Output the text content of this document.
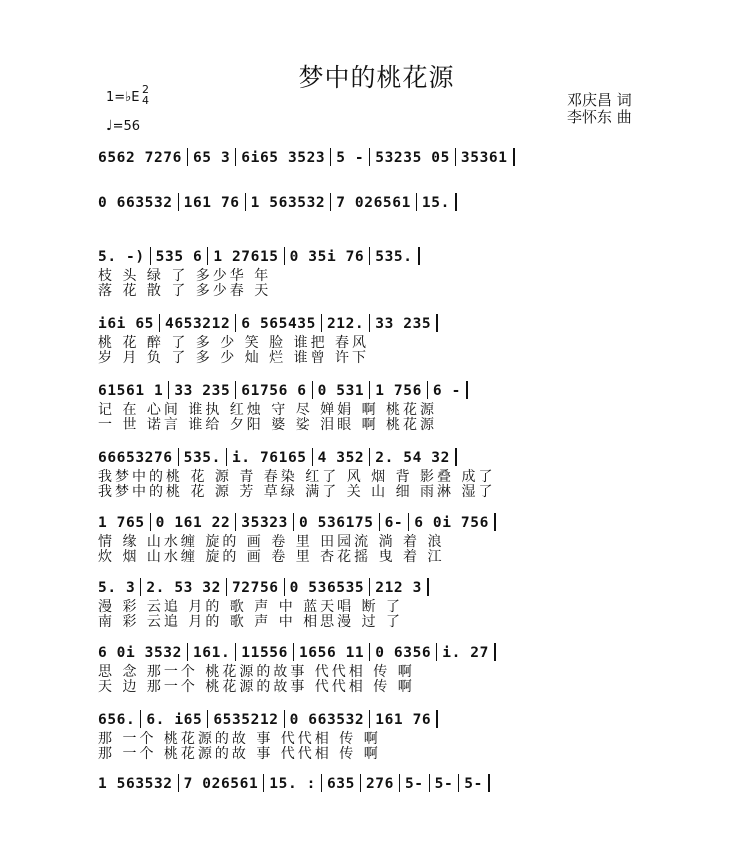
梦中的桃花源
1=♭E
2
4
♩=56
邓庆昌 词
李怀东 曲
6562 7276 65 3 6i65 3523 5 - 53235 05 35361
0 663532 161 76 1 563532 7 026561 15.
5. -) 535 6 1 27615 0 35i 76 535.
枝 头 绿 了 多少华 年
落 花 散 了 多少春 天
i6i 65 4653212 6 565435 212. 33 235
桃 花 醉 了 多 少 笑 脸 谁把 春风
岁 月 负 了 多 少 灿 烂 谁曾 许下
61561 1 33 235 61756 6 0 531 1 756 6 -
记 在 心间 谁执 红烛 守 尽 婵娟 啊 桃花源
一 世 诺言 谁给 夕阳 婆 娑 泪眼 啊 桃花源
66653276 535. i. 76165 4 352 2. 54 32
我梦中的桃 花 源 青 春染 红了 风 烟 背 影叠 成了
我梦中的桃 花 源 芳 草绿 满了 关 山 细 雨淋 湿了
1 765 0 161 22 35323 0 536175 6- 6 0i 756
情 缘 山水缠 旋的 画 卷 里 田园流 淌 着 浪
炊 烟 山水缠 旋的 画 卷 里 杏花摇 曳 着 江
5. 3 2. 53 32 72756 0 536535 212 3
漫 彩 云追 月的 歌 声 中 蓝天唱 断 了
南 彩 云追 月的 歌 声 中 相思漫 过 了
6 0i 3532 161. 11556 1656 11 0 6356 i. 27
思 念 那一个 桃花源的故事 代代相 传 啊
天 边 那一个 桃花源的故事 代代相 传 啊
656. 6. i65 6535212 0 663532 161 76
那 一个 桃花源的故 事 代代相 传 啊
那 一个 桃花源的故 事 代代相 传 啊
1 563532 7 026561 15. : 635 276 5- 5- 5-
